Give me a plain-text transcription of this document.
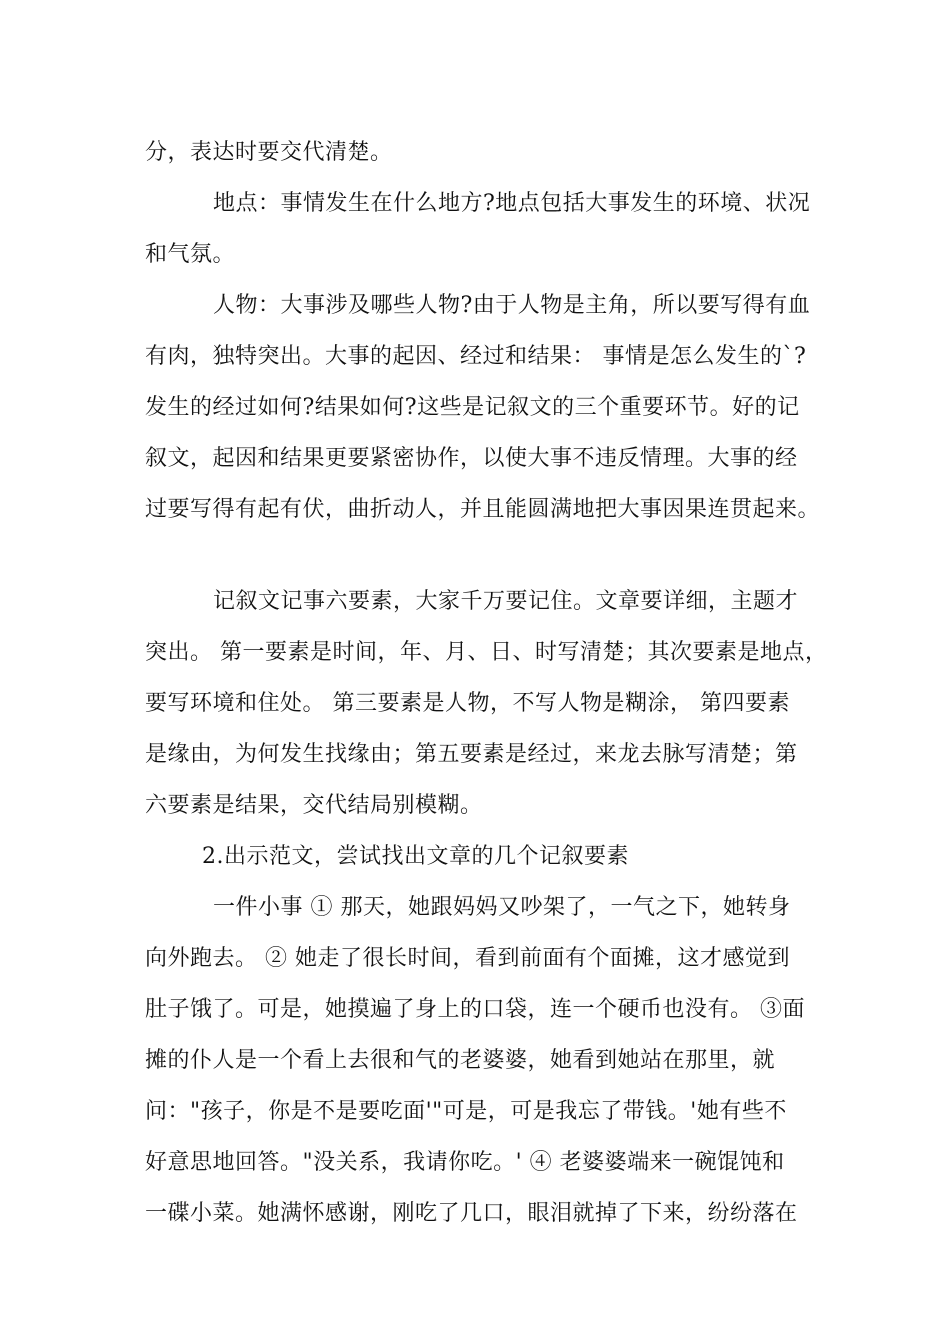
分，表达时要交代清楚。
地点：事情发生在什么地方?地点包括大事发生的环境、状况
和气氛。
人物：大事涉及哪些人物?由于人物是主角，所以要写得有血
有肉，独特突出。大事的起因、经过和结果： 事情是怎么发生的`?
发生的经过如何?结果如何?这些是记叙文的三个重要环节。好的记
叙文，起因和结果更要紧密协作，以使大事不违反情理。大事的经
过要写得有起有伏，曲折动人，并且能圆满地把大事因果连贯起来。
记叙文记事六要素，大家千万要记住。文章要详细，主题才
突出。 第一要素是时间，年、月、日、时写清楚；其次要素是地点，
要写环境和住处。 第三要素是人物，不写人物是糊涂， 第四要素
是缘由，为何发生找缘由；第五要素是经过，来龙去脉写清楚；第
六要素是结果，交代结局别模糊。
2.出示范文，尝试找出文章的几个记叙要素
一件小事 ① 那天，她跟妈妈又吵架了，一气之下，她转身
向外跑去。 ② 她走了很长时间，看到前面有个面摊，这才感觉到
肚子饿了。可是，她摸遍了身上的口袋，连一个硬币也没有。 ③面
摊的仆人是一个看上去很和气的老婆婆，她看到她站在那里，就
问："孩子，你是不是要吃面'"可是，可是我忘了带钱。'她有些不
好意思地回答。"没关系，我请你吃。' ④ 老婆婆端来一碗馄饨和
一碟小菜。她满怀感谢，刚吃了几口，眼泪就掉了下来，纷纷落在
